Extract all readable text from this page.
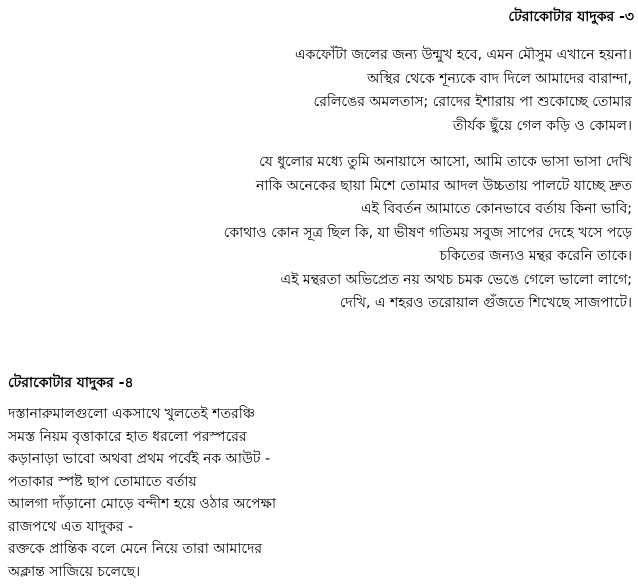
টেরাকোটার যাদুকর -৩
একফোঁটা জলের জন্য উন্মুখ হবে, এমন মৌসুম এখানে হয়না।
অস্থির থেকে শূন্যকে বাদ দিলে আমাদের বারান্দা,
রেলিঙের অমলতাস; রোদের ইশারায় পা শুকোচ্ছে তোমার
তীর্যক ছুঁয়ে গেল কড়ি ও কোমল।
যে ধুলোর মধ্যে তুমি অনায়াসে আসো, আমি তাকে ভাসা ভাসা দেখি
নাকি অনেকের ছায়া মিশে তোমার আদল উচ্চতায় পালটে যাচ্ছে দ্রুত
এই বিবর্তন আমাতে কোনভাবে বর্তায় কিনা ভাবি;
কোথাও কোন সূত্র ছিল কি, যা ভীষণ গতিময় সবুজ সাপের দেহে খসে পড়ে
চকিতের জন্যও মন্থর করেনি তাকে।
এই মন্থরতা অভিপ্রেত নয় অথচ চমক ভেঙে গেলে ভালো লাগে;
দেখি, এ শহরও তরোয়াল গুঁজতে শিখেছে সাজপাটে।
টেরাকোটার যাদুকর -৪
দস্তানারুমালগুলো একসাথে খুলতেই শতরঞ্চি
সমস্ত নিয়ম বৃত্তাকারে হাত ধরলো পরস্পরের
কড়ানাড়া ভাবো অথবা প্রথম পর্বেই নক আউট -
পতাকার স্পষ্ট ছাপ তোমাতে বর্তায়
আলগা দাঁড়ানো মোড়ে বন্দীশ হয়ে ওঠার অপেক্ষা
রাজপথে এত যাদুকর -
রক্তকে প্রান্তিক বলে মেনে নিয়ে তারা আমাদের
অক্লান্ত সাজিয়ে চলেছে।
